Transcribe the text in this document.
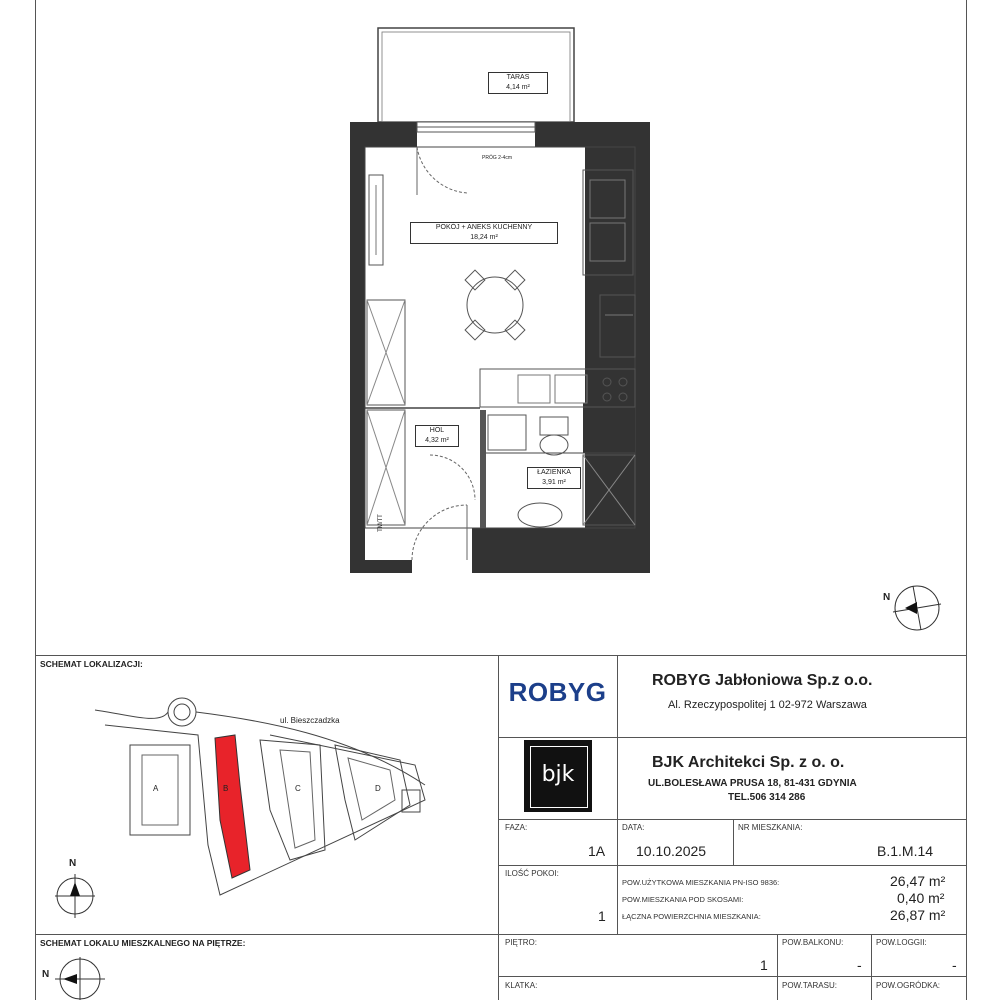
TARAS
4,14 m²
PRÓG 2-4cm
POKÓJ + ANEKS KUCHENNY
18,24 m²
HOL
4,32 m²
ŁAZIENKA
3,91 m²
TM/TT
N
SCHEMAT LOKALIZACJI:
ul. Bieszczadzka
A	B	C	D
N
SCHEMAT LOKALU MIESZKALNEGO NA PIĘTRZE:
N
ROBYG	ROBYG Jabłoniowa Sp.z o.o.
Al. Rzeczypospolitej 1 02-972 Warszawa
bjk	BJK Architekci Sp. z o. o.
UL.BOLESŁAWA PRUSA 18, 81-431 GDYNIA
TEL.506 314 286
FAZA:
1A
DATA:
10.10.2025
NR MIESZKANIA:
B.1.M.14
ILOŚĆ POKOI:
1
POW.UŻYTKOWA MIESZKANIA PN-ISO 9836:	26,47 m²
POW.MIESZKANIA POD SKOSAMI:	0,40 m²
ŁĄCZNA POWIERZCHNIA MIESZKANIA:	26,87 m²
PIĘTRO:
1
POW.BALKONU:
-
POW.LOGGII:
-
KLATKA:	POW.TARASU:	POW.OGRÓDKA:
